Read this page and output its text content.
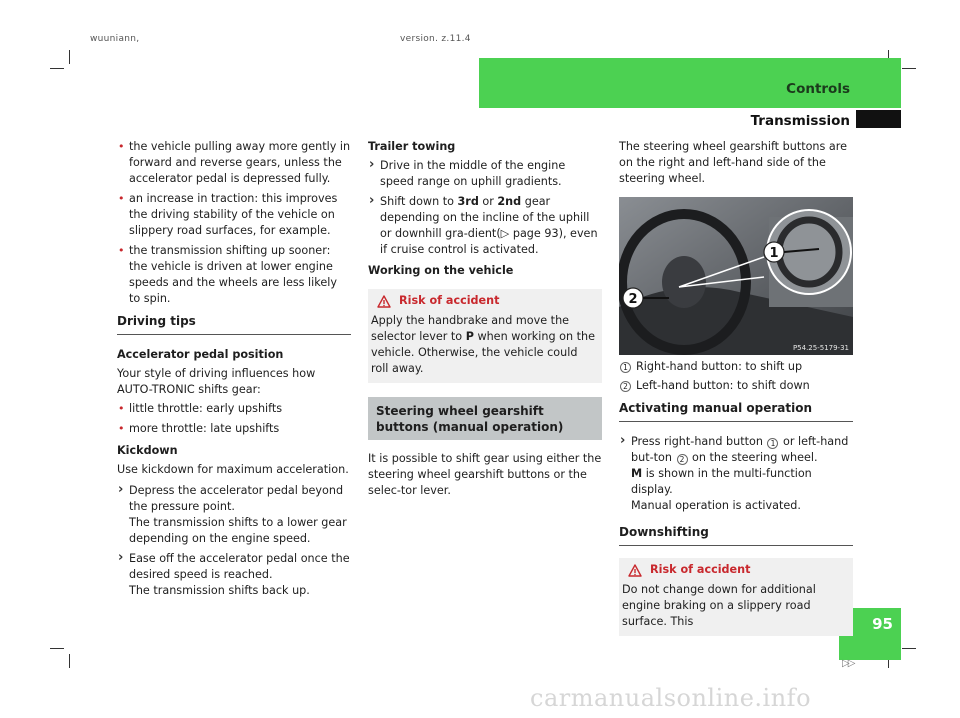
wuuniann,	version. z.11.4
Controls
Transmission
95
• the vehicle pulling away more gently in forward and reverse gears, unless the accelerator pedal is depressed fully.
• an increase in traction: this improves the driving stability of the vehicle on slippery road surfaces, for example.
• the transmission shifting up sooner: the vehicle is driven at lower engine speeds and the wheels are less likely to spin.
Driving tips
Accelerator pedal position
Your style of driving influences how AUTO-TRONIC shifts gear:
• little throttle: early upshifts
• more throttle: late upshifts
Kickdown
Use kickdown for maximum acceleration.
› Depress the accelerator pedal beyond the pressure point.
The transmission shifts to a lower gear depending on the engine speed.
› Ease off the accelerator pedal once the desired speed is reached.
The transmission shifts back up.
Trailer towing
› Drive in the middle of the engine speed range on uphill gradients.
› Shift down to 3rd or 2nd gear depending on the incline of the uphill or downhill gra-dient(▷ page 93), even if cruise control is activated.
Working on the vehicle
Risk of accident
Apply the handbrake and move the selector lever to P when working on the vehicle. Otherwise, the vehicle could roll away.
Steering wheel gearshift buttons (manual operation)
It is possible to shift gear using either the steering wheel gearshift buttons or the selec-tor lever.
The steering wheel gearshift buttons are on the right and left-hand side of the steering wheel.
1
2
P54.25-5179-31
1 Right-hand button: to shift up
2 Left-hand button: to shift down
Activating manual operation
› Press right-hand button 1 or left-hand but-ton 2 on the steering wheel.
M is shown in the multi-function display.
Manual operation is activated.
Downshifting
Risk of accident
Do not change down for additional engine braking on a slippery road surface. This
▷▷
carmanualsonline.info
